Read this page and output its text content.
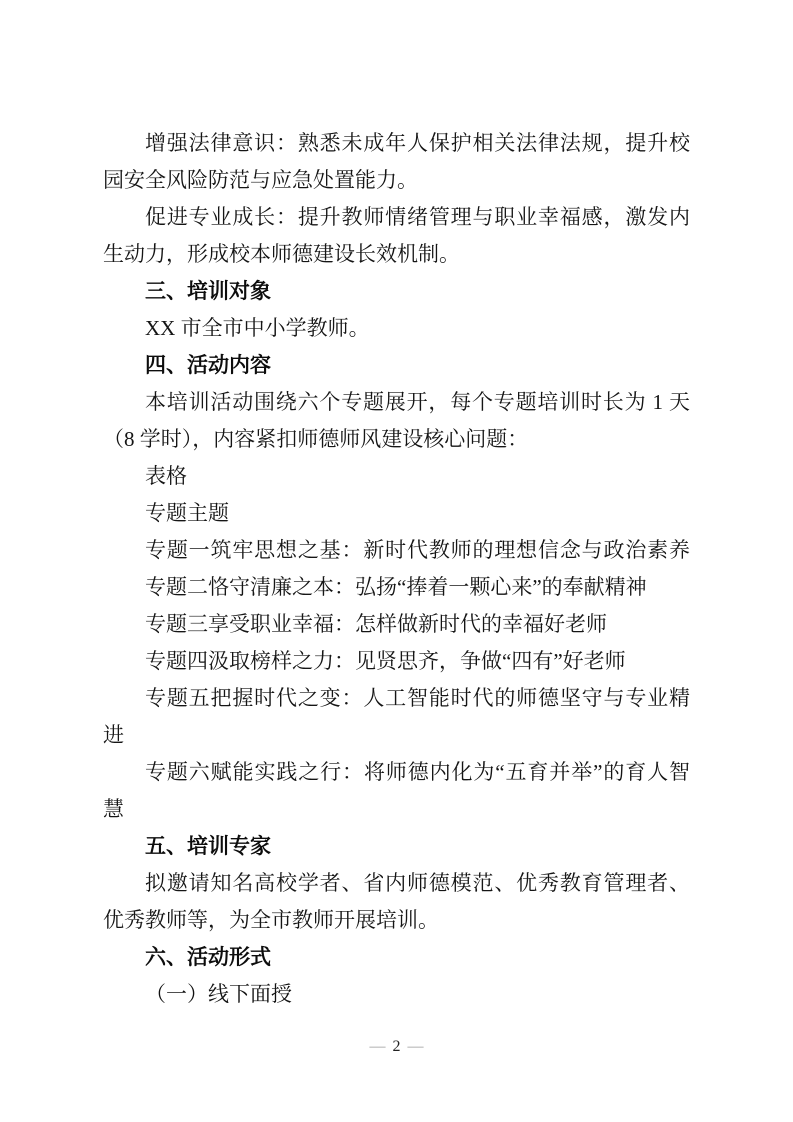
增强法律意识：熟悉未成年人保护相关法律法规，提升校
园安全风险防范与应急处置能力。
促进专业成长：提升教师情绪管理与职业幸福感，激发内
生动力，形成校本师德建设长效机制。
三、培训对象
XX 市全市中小学教师。
四、活动内容
本培训活动围绕六个专题展开，每个专题培训时长为 1 天
（8 学时），内容紧扣师德师风建设核心问题：
表格
专题主题
专题一筑牢思想之基：新时代教师的理想信念与政治素养
专题二恪守清廉之本：弘扬“捧着一颗心来”的奉献精神
专题三享受职业幸福：怎样做新时代的幸福好老师
专题四汲取榜样之力：见贤思齐，争做“四有”好老师
专题五把握时代之变：人工智能时代的师德坚守与专业精
进
专题六赋能实践之行：将师德内化为“五育并举”的育人智
慧
五、培训专家
拟邀请知名高校学者、省内师德模范、优秀教育管理者、
优秀教师等，为全市教师开展培训。
六、活动形式
（一）线下面授
— 2 —
